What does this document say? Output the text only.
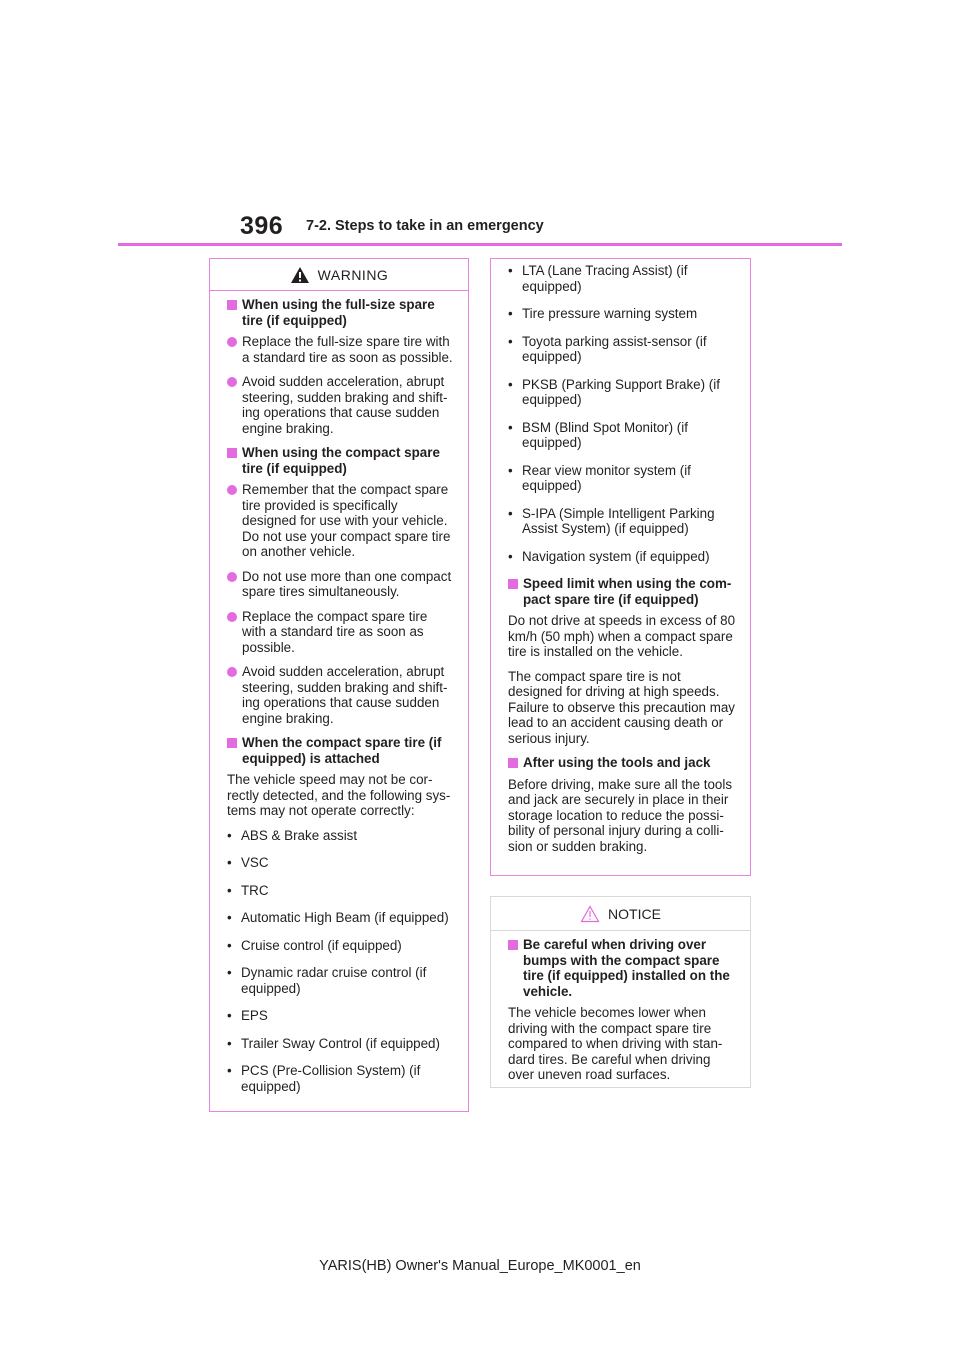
396 7-2. Steps to take in an emergency
WARNING
When using the full-size spare tire (if equipped)
Replace the full-size spare tire with a standard tire as soon as possible.
Avoid sudden acceleration, abrupt steering, sudden braking and shift-ing operations that cause sudden engine braking.
When using the compact spare tire (if equipped)
Remember that the compact spare tire provided is specifically designed for use with your vehicle. Do not use your compact spare tire on another vehicle.
Do not use more than one compact spare tires simultaneously.
Replace the compact spare tire with a standard tire as soon as possible.
Avoid sudden acceleration, abrupt steering, sudden braking and shift-ing operations that cause sudden engine braking.
When the compact spare tire (if equipped) is attached
The vehicle speed may not be cor-rectly detected, and the following sys-tems may not operate correctly:
• ABS & Brake assist
• VSC
• TRC
• Automatic High Beam (if equipped)
• Cruise control (if equipped)
• Dynamic radar cruise control (if equipped)
• EPS
• Trailer Sway Control (if equipped)
• PCS (Pre-Collision System) (if equipped)
• LTA (Lane Tracing Assist) (if equipped)
• Tire pressure warning system
• Toyota parking assist-sensor (if equipped)
• PKSB (Parking Support Brake) (if equipped)
• BSM (Blind Spot Monitor) (if equipped)
• Rear view monitor system (if equipped)
• S-IPA (Simple Intelligent Parking Assist System) (if equipped)
• Navigation system (if equipped)
Speed limit when using the com-pact spare tire (if equipped)
Do not drive at speeds in excess of 80 km/h (50 mph) when a compact spare tire is installed on the vehicle.
The compact spare tire is not designed for driving at high speeds. Failure to observe this precaution may lead to an accident causing death or serious injury.
After using the tools and jack
Before driving, make sure all the tools and jack are securely in place in their storage location to reduce the possi-bility of personal injury during a colli-sion or sudden braking.
NOTICE
Be careful when driving over bumps with the compact spare tire (if equipped) installed on the vehicle.
The vehicle becomes lower when driving with the compact spare tire compared to when driving with stan-dard tires. Be careful when driving over uneven road surfaces.
YARIS(HB) Owner's Manual_Europe_MK0001_en
